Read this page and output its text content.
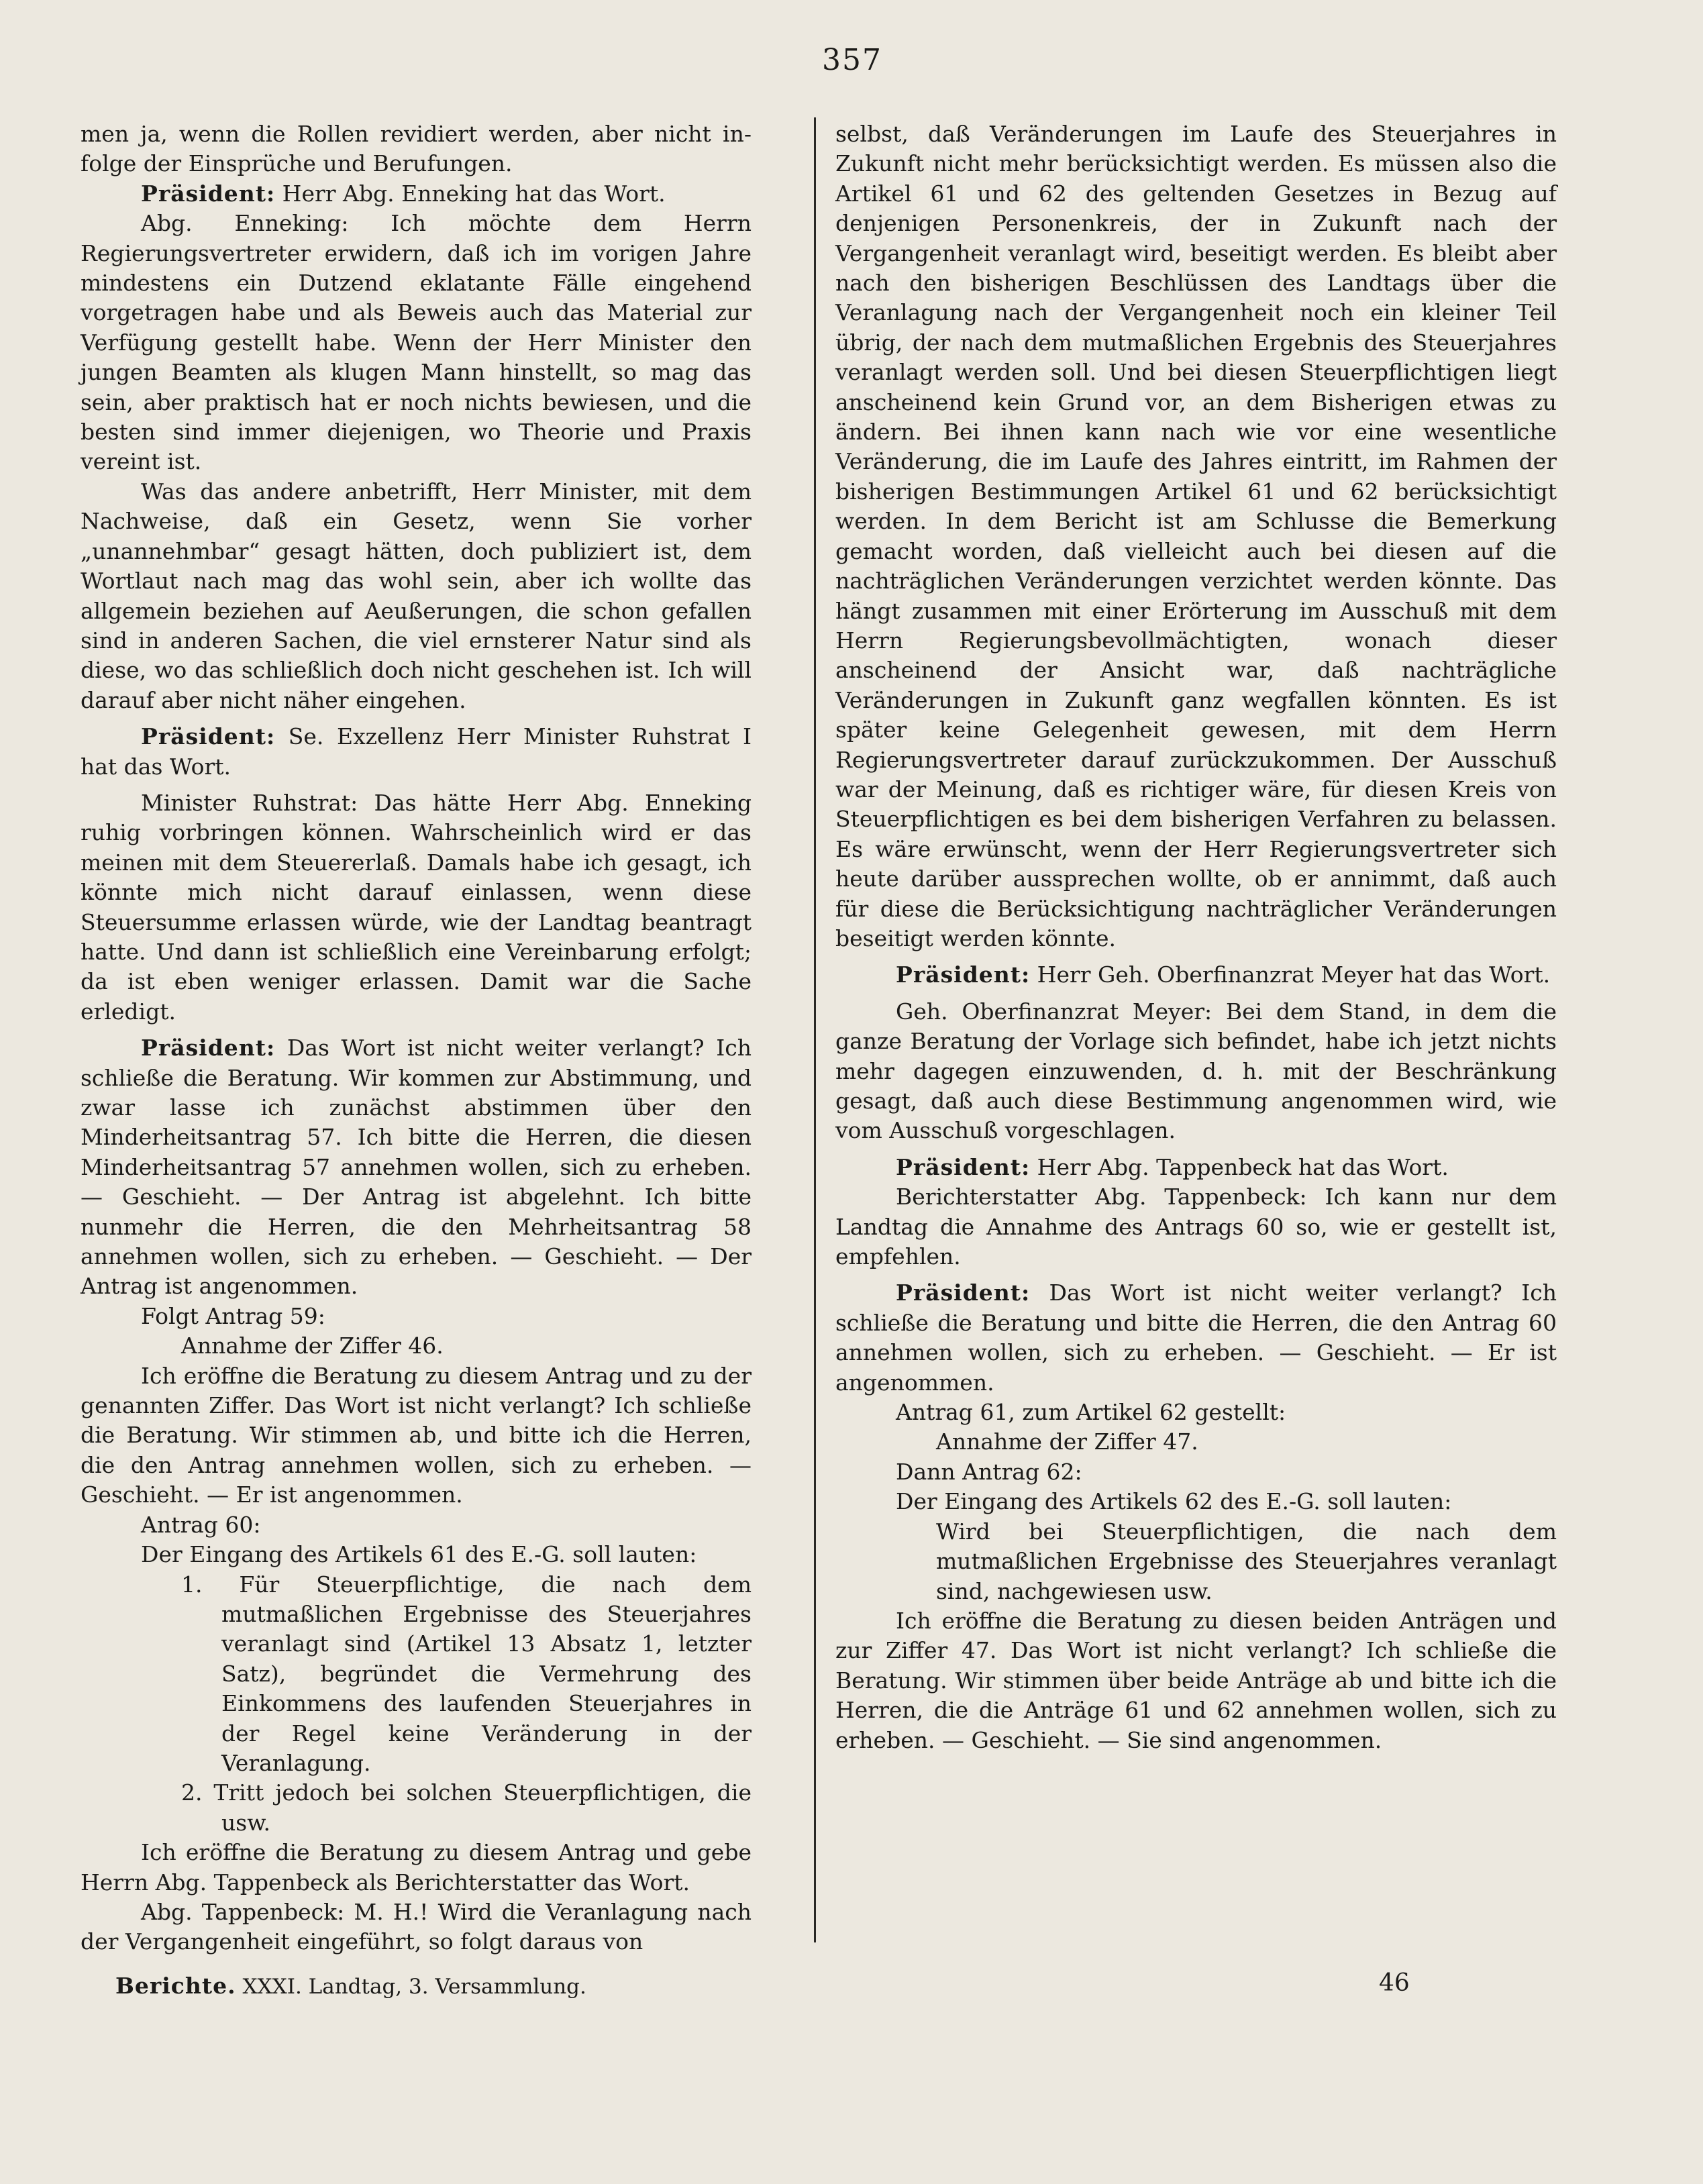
357

men ja, wenn die Rollen revidiert werden, aber nicht in-folge der Einsprüche und Berufungen.

Präsident: Herr Abg. Enneking hat das Wort.

Abg. Enneking: Ich möchte dem Herrn Regierungsvertreter erwidern, daß ich im vorigen Jahre mindestens ein Dutzend eklatante Fälle eingehend vorgetragen habe und als Beweis auch das Material zur Verfügung gestellt habe. Wenn der Herr Minister den jungen Beamten als klugen Mann hinstellt, so mag das sein, aber praktisch hat er noch nichts bewiesen, und die besten sind immer diejenigen, wo Theorie und Praxis vereint ist.

Was das andere anbetrifft, Herr Minister, mit dem Nachweise, daß ein Gesetz, wenn Sie vorher „unannehmbar“ gesagt hätten, doch publiziert ist, dem Wortlaut nach mag das wohl sein, aber ich wollte das allgemein beziehen auf Aeußerungen, die schon gefallen sind in anderen Sachen, die viel ernsterer Natur sind als diese, wo das schließlich doch nicht geschehen ist. Ich will darauf aber nicht näher eingehen.

Präsident: Se. Exzellenz Herr Minister Ruhstrat I hat das Wort.

Minister Ruhstrat: Das hätte Herr Abg. Enneking ruhig vorbringen können. Wahrscheinlich wird er das meinen mit dem Steuererlaß. Damals habe ich gesagt, ich könnte mich nicht darauf einlassen, wenn diese Steuersumme erlassen würde, wie der Landtag beantragt hatte. Und dann ist schließlich eine Vereinbarung erfolgt; da ist eben weniger erlassen. Damit war die Sache erledigt.

Präsident: Das Wort ist nicht weiter verlangt? Ich schließe die Beratung. Wir kommen zur Abstimmung, und zwar lasse ich zunächst abstimmen über den Minderheitsantrag 57. Ich bitte die Herren, die diesen Minderheitsantrag 57 annehmen wollen, sich zu erheben. — Geschieht. — Der Antrag ist abgelehnt. Ich bitte nunmehr die Herren, die den Mehrheitsantrag 58 annehmen wollen, sich zu erheben. — Geschieht. — Der Antrag ist angenommen.

Folgt Antrag 59:

Annahme der Ziffer 46.

Ich eröffne die Beratung zu diesem Antrag und zu der genannten Ziffer. Das Wort ist nicht verlangt? Ich schließe die Beratung. Wir stimmen ab, und bitte ich die Herren, die den Antrag annehmen wollen, sich zu erheben. — Geschieht. — Er ist angenommen.

Antrag 60:

Der Eingang des Artikels 61 des E.-G. soll lauten:

1. Für Steuerpflichtige, die nach dem mutmaßlichen Ergebnisse des Steuerjahres veranlagt sind (Artikel 13 Absatz 1, letzter Satz), begründet die Vermehrung des Einkommens des laufenden Steuerjahres in der Regel keine Veränderung in der Veranlagung.

2. Tritt jedoch bei solchen Steuerpflichtigen, die usw.

Ich eröffne die Beratung zu diesem Antrag und gebe Herrn Abg. Tappenbeck als Berichterstatter das Wort.

Abg. Tappenbeck: M. H.! Wird die Veranlagung nach der Vergangenheit eingeführt, so folgt daraus von

selbst, daß Veränderungen im Laufe des Steuerjahres in Zukunft nicht mehr berücksichtigt werden. Es müssen also die Artikel 61 und 62 des geltenden Gesetzes in Bezug auf denjenigen Personenkreis, der in Zukunft nach der Vergangenheit veranlagt wird, beseitigt werden. Es bleibt aber nach den bisherigen Beschlüssen des Landtags über die Veranlagung nach der Vergangenheit noch ein kleiner Teil übrig, der nach dem mutmaßlichen Ergebnis des Steuerjahres veranlagt werden soll. Und bei diesen Steuerpflichtigen liegt anscheinend kein Grund vor, an dem Bisherigen etwas zu ändern. Bei ihnen kann nach wie vor eine wesentliche Veränderung, die im Laufe des Jahres eintritt, im Rahmen der bisherigen Bestimmungen Artikel 61 und 62 berücksichtigt werden. In dem Bericht ist am Schlusse die Bemerkung gemacht worden, daß vielleicht auch bei diesen auf die nachträglichen Veränderungen verzichtet werden könnte. Das hängt zusammen mit einer Erörterung im Ausschuß mit dem Herrn Regierungsbevollmächtigten, wonach dieser anscheinend der Ansicht war, daß nachträgliche Veränderungen in Zukunft ganz wegfallen könnten. Es ist später keine Gelegenheit gewesen, mit dem Herrn Regierungsvertreter darauf zurückzukommen. Der Ausschuß war der Meinung, daß es richtiger wäre, für diesen Kreis von Steuerpflichtigen es bei dem bisherigen Verfahren zu belassen. Es wäre erwünscht, wenn der Herr Regierungsvertreter sich heute darüber aussprechen wollte, ob er annimmt, daß auch für diese die Berücksichtigung nachträglicher Veränderungen beseitigt werden könnte.

Präsident: Herr Geh. Oberfinanzrat Meyer hat das Wort.

Geh. Oberfinanzrat Meyer: Bei dem Stand, in dem die ganze Beratung der Vorlage sich befindet, habe ich jetzt nichts mehr dagegen einzuwenden, d. h. mit der Beschränkung gesagt, daß auch diese Bestimmung angenommen wird, wie vom Ausschuß vorgeschlagen.

Präsident: Herr Abg. Tappenbeck hat das Wort.

Berichterstatter Abg. Tappenbeck: Ich kann nur dem Landtag die Annahme des Antrags 60 so, wie er gestellt ist, empfehlen.

Präsident: Das Wort ist nicht weiter verlangt? Ich schließe die Beratung und bitte die Herren, die den Antrag 60 annehmen wollen, sich zu erheben. — Geschieht. — Er ist angenommen.

Antrag 61, zum Artikel 62 gestellt:

Annahme der Ziffer 47.

Dann Antrag 62:

Der Eingang des Artikels 62 des E.-G. soll lauten:

Wird bei Steuerpflichtigen, die nach dem mutmaßlichen Ergebnisse des Steuerjahres veranlagt sind, nachgewiesen usw.

Ich eröffne die Beratung zu diesen beiden Anträgen und zur Ziffer 47. Das Wort ist nicht verlangt? Ich schließe die Beratung. Wir stimmen über beide Anträge ab und bitte ich die Herren, die die Anträge 61 und 62 annehmen wollen, sich zu erheben. — Geschieht. — Sie sind angenommen.

Berichte. XXXI. Landtag, 3. Versammlung.	46
